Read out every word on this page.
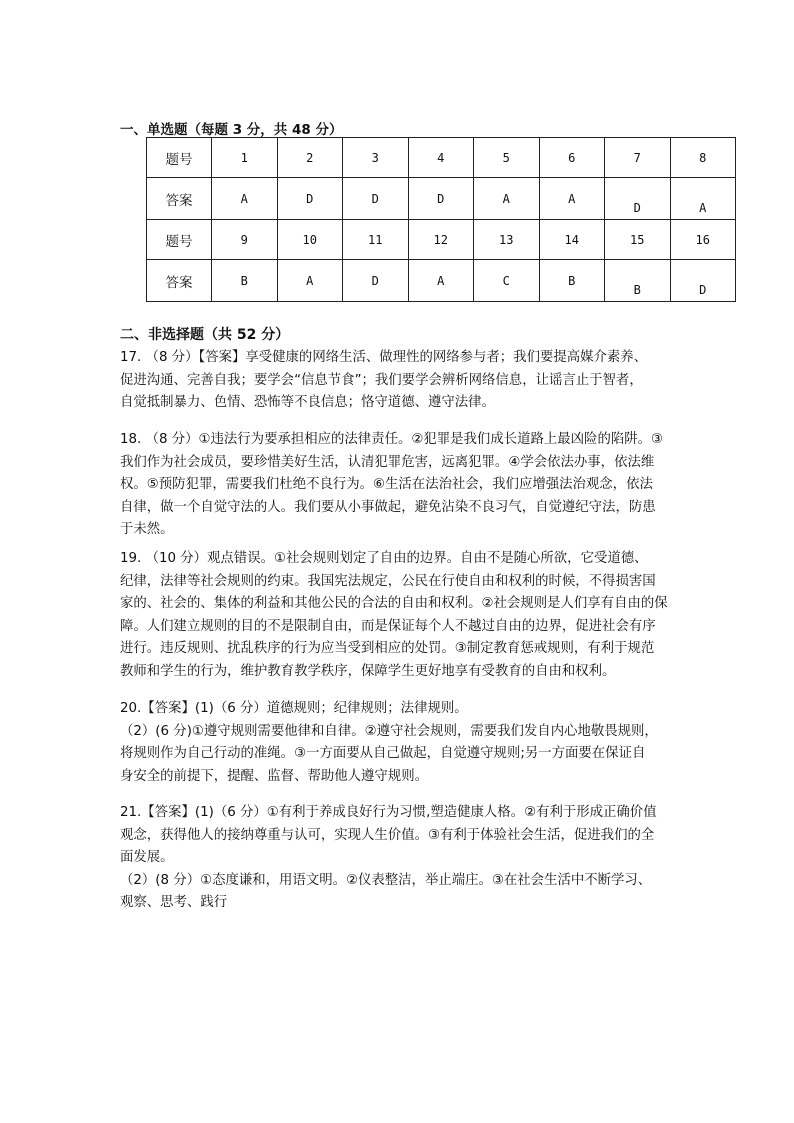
一、单选题（每题 3 分，共 48 分）
题号	1	2	3	4	5	6	7	8
答案	A	D	D	D	A	A	D	A
题号	9	10	11	12	13	14	15	16
答案	B	A	D	A	C	B	B	D
二、非选择题（共 52 分）
17. （8 分）【答案】享受健康的网络生活、做理性的网络参与者；我们要提高媒介素养、
促进沟通、完善自我；要学会“信息节食”；我们要学会辨析网络信息，让谣言止于智者，
自觉抵制暴力、色情、恐怖等不良信息；恪守道德、遵守法律。
18. （8 分）①违法行为要承担相应的法律责任。②犯罪是我们成长道路上最凶险的陷阱。③
我们作为社会成员，要珍惜美好生活，认清犯罪危害，远离犯罪。④学会依法办事，依法维
权。⑤预防犯罪，需要我们杜绝不良行为。⑥生活在法治社会，我们应增强法治观念，依法
自律，做一个自觉守法的人。我们要从小事做起，避免沾染不良习气，自觉遵纪守法，防患
于未然。
19. （10 分）观点错误。①社会规则划定了自由的边界。自由不是随心所欲，它受道德、
纪律，法律等社会规则的约束。我国宪法规定，公民在行使自由和权利的时候，不得损害国
家的、社会的、集体的利益和其他公民的合法的自由和权利。②社会规则是人们享有自由的保
障。人们建立规则的目的不是限制自由，而是保证每个人不越过自由的边界，促进社会有序
进行。违反规则、扰乱秩序的行为应当受到相应的处罚。③制定教育惩戒规则，有利于规范
教师和学生的行为，维护教育教学秩序，保障学生更好地享有受教育的自由和权利。
20.【答案】(1)（6 分）道德规则；纪律规则；法律规则。
（2）(6 分)①遵守规则需要他律和自律。②遵守社会规则，需要我们发自内心地敬畏规则，
将规则作为自己行动的准绳。③一方面要从自己做起，自觉遵守规则;另一方面要在保证自
身安全的前提下，提醒、监督、帮助他人遵守规则。
21.【答案】(1)（6 分）①有利于养成良好行为习惯,塑造健康人格。②有利于形成正确价值
观念，获得他人的接纳尊重与认可，实现人生价值。③有利于体验社会生活，促进我们的全
面发展。
（2）(8 分）①态度谦和，用语文明。②仪表整洁，举止端庄。③在社会生活中不断学习、
观察、思考、践行
